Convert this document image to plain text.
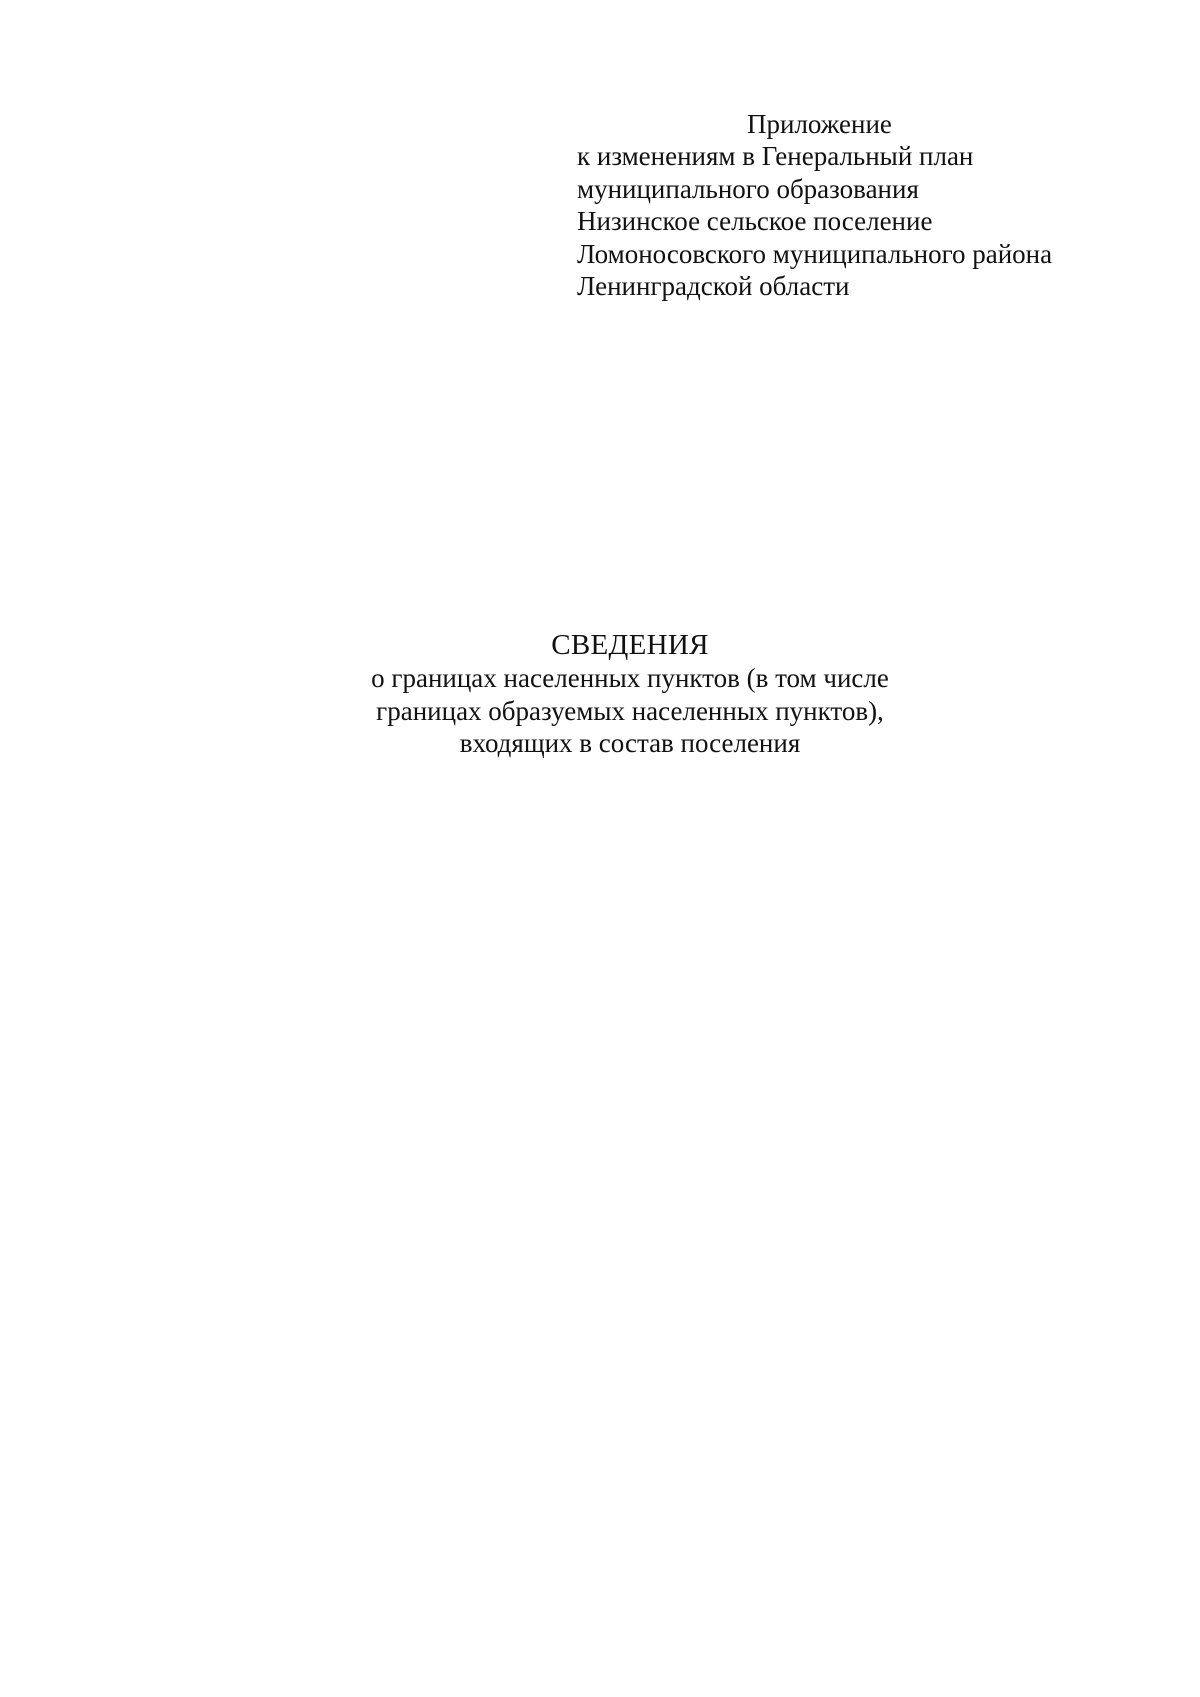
Приложение
к изменениям в Генеральный план
муниципального образования
Низинское сельское поселение
Ломоносовского муниципального района
Ленинградской области
СВЕДЕНИЯ
о границах населенных пунктов (в том числе
границах образуемых населенных пунктов),
входящих в состав поселения
